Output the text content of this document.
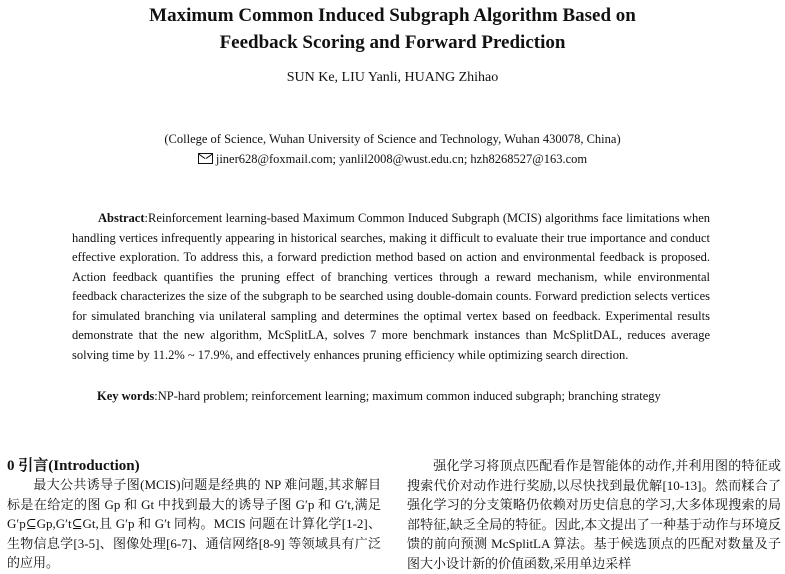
Maximum Common Induced Subgraph Algorithm Based on
Feedback Scoring and Forward Prediction
SUN Ke, LIU Yanli, HUANG Zhihao
(College of Science, Wuhan University of Science and Technology, Wuhan 430078, China)
jiner628@foxmail.com; yanlil2008@wust.edu.cn; hzh8268527@163.com
Abstract:Reinforcement learning-based Maximum Common Induced Subgraph (MCIS) algorithms face limitations when handling vertices infrequently appearing in historical searches, making it difficult to evaluate their true importance and conduct effective exploration. To address this, a forward prediction method based on action and environmental feedback is proposed. Action feedback quantifies the pruning effect of branching vertices through a reward mechanism, while environmental feedback characterizes the size of the subgraph to be searched using double-domain counts. Forward prediction selects vertices for simulated branching via unilateral sampling and determines the optimal vertex based on feedback. Experimental results demonstrate that the new algorithm, McSplitLA, solves 7 more benchmark instances than McSplitDAL, reduces average solving time by 11.2% ~ 17.9%, and effectively enhances pruning efficiency while optimizing search direction.
Key words:NP-hard problem; reinforcement learning; maximum common induced subgraph; branching strategy
0 引言(Introduction)
最大公共诱导子图(MCIS)问题是经典的 NP 难问题,其求解目标是在给定的图 Gp 和 Gt 中找到最大的诱导子图 G′p 和 G′t,满足 G′p⊆Gp,G′t⊆Gt,且 G′p 和 G′t 同构。MCIS 问题在计算化学[1-2]、生物信息学[3-5]、图像处理[6-7]、通信网络[8-9] 等领域具有广泛的应用。
强化学习将顶点匹配看作是智能体的动作,并利用图的特征或搜索代价对动作进行奖励,以尽快找到最优解[10-13]。然而糅合了强化学习的分支策略仍依赖对历史信息的学习,大多体现搜索的局部特征,缺乏全局的特征。因此,本文提出了一种基于动作与环境反馈的前向预测 McSplitLA 算法。基于候选顶点的匹配对数量及子图大小设计新的价值函数,采用单边采样
